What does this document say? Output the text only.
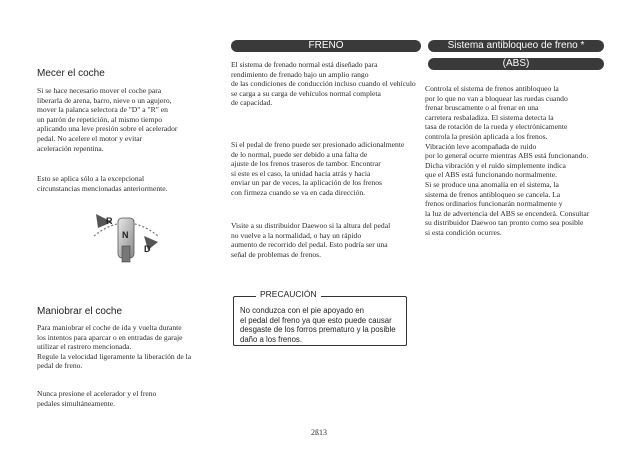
Mecer el coche

Si se hace necesario mover el coche para
liberarla de arena, barro, nieve o un agujero,
mover la palanca selectora de "D" a "R" en
un patrón de repetición, al mismo tiempo
aplicando una leve presión sobre el acelerador
pedal. No acelere el motor y evitar
aceleración repentina.

Esto se aplica sólo a la excepcional
circunstancias mencionadas anteriormente.

R
N
D
Maniobrar el coche

Para maniobrar el coche de ida y vuelta durante
los intentos para aparcar o en entradas de garaje
utilizar el rastrero mencionada.
Regule la velocidad ligeramente la liberación de la
pedal de freno.

Nunca presione el acelerador y el freno
pedales simultáneamente.

FRENO

El sistema de frenado normal está diseñado para
rendimiento de frenado bajo un amplio rango
de las condiciones de conducción incluso cuando el vehículo
se carga a su carga de vehículos normal completa
de capacidad.

Si el pedal de freno puede ser presionado adicionalmente
de lo normal, puede ser debido a una falta de
ajuste de los frenos traseros de tambor. Encontrar
si este es el caso, la unidad hacia atrás y hacia
enviar un par de veces, la aplicación de los frenos
con firmeza cuando se va en cada dirección.

Visite a su distribuidor Daewoo si la altura del pedal
no vuelve a la normalidad, o hay un rápido
aumento de recorrido del pedal. Esto podría ser una
señal de problemas de frenos.

PRECAUCIÓN

No conduzca con el pie apoyado en
el pedal del freno ya que esto puede causar
desgaste de los forros prematuro y la posible
daño a los frenos.

2ß13
Sistema antibloqueo de freno *
(ABS)

Controla el sistema de frenos antibloqueo la
por lo que no van a bloquear las ruedas cuando
frenar bruscamente o al frenar en una
carretera resbaladiza. El sistema detecta la
tasa de rotación de la rueda y electrónicamente
controla la presión aplicada a los frenos.
Vibración leve acompañada de ruido
por lo general ocurre mientras ABS está funcionando.
Dicha vibración y el ruido simplemente indica
que el ABS está funcionando normalmente.
Si se produce una anomalía en el sistema, la
sistema de frenos antibloqueo se cancela. La
frenos ordinarios funcionarán normalmente y
la luz de advertencia del ABS se encenderá. Consultar
su distribuidor Daewoo tan pronto como sea posible
si esta condición ocurres.
